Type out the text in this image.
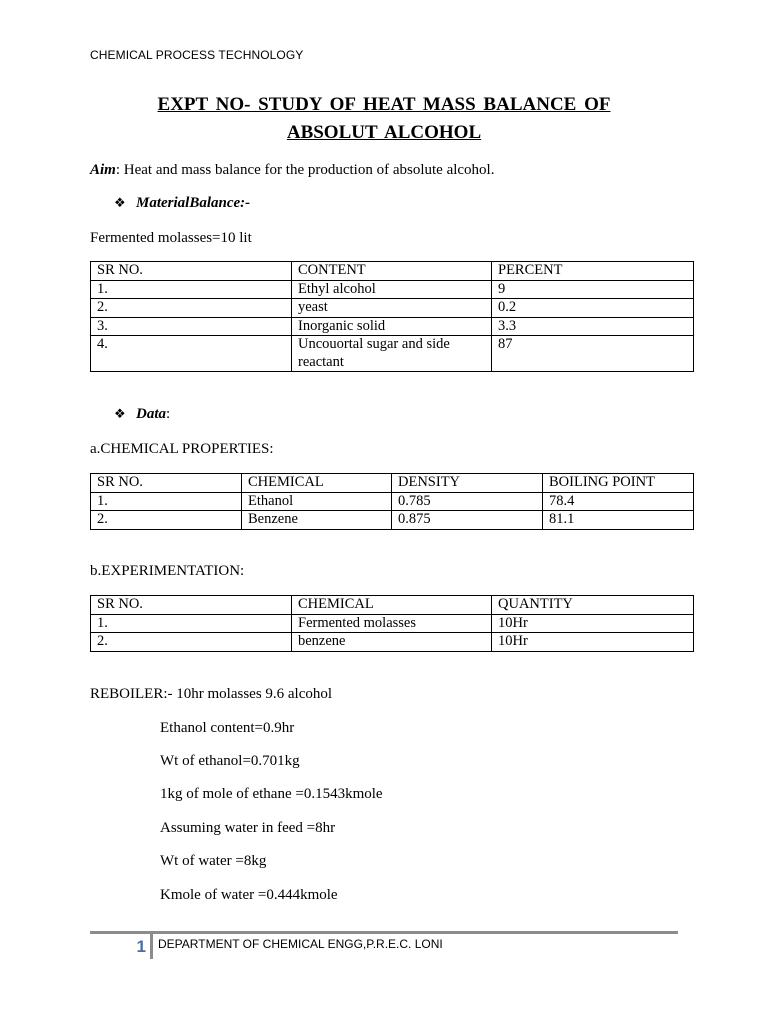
CHEMICAL PROCESS TECHNOLOGY
EXPT NO- STUDY OF HEAT MASS BALANCE OF
ABSOLUT ALCOHOL
Aim: Heat and mass balance for the production of absolute alcohol.
❖ MaterialBalance:-
Fermented molasses=10 lit
SR NO.	CONTENT	PERCENT
1.	Ethyl alcohol	9
2.	yeast	0.2
3.	Inorganic solid	3.3
4.	Uncouortal sugar and side reactant	87
❖ Data:
a.CHEMICAL PROPERTIES:
SR NO.	CHEMICAL	DENSITY	BOILING POINT
1.	Ethanol	0.785	78.4
2.	Benzene	0.875	81.1
b.EXPERIMENTATION:
SR NO.	CHEMICAL	QUANTITY
1.	Fermented molasses	10Hr
2.	benzene	10Hr
REBOILER:- 10hr molasses 9.6 alcohol
Ethanol content=0.9hr
Wt of ethanol=0.701kg
1kg of mole of ethane =0.1543kmole
Assuming water in feed =8hr
Wt of water =8kg
Kmole of water =0.444kmole
1 DEPARTMENT OF CHEMICAL ENGG,P.R.E.C. LONI
